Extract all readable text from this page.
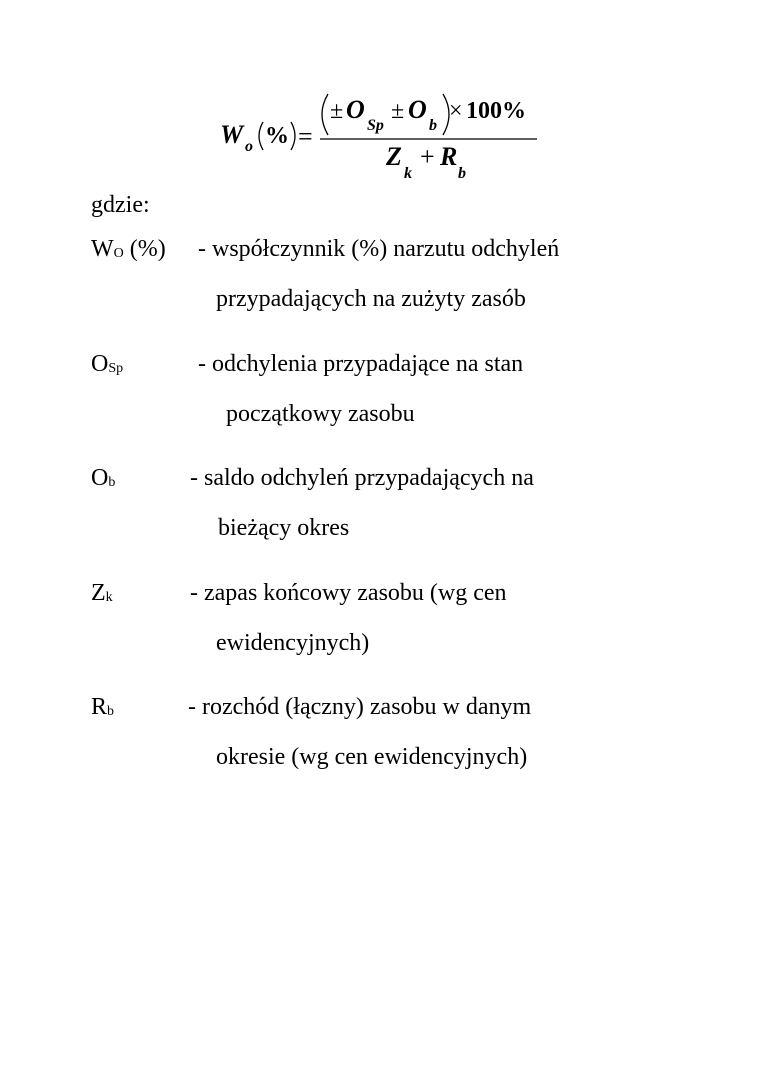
W o % =
± O
Sp
± O
b
× 100%
Z
k
+ R
b
gdzie:
$W_O$ (%) - współczynnik (%) narzutu odchyleń
przypadających na zużyty zasób
$O_{Sp}$	- odchylenia przypadające na stan
początkowy zasobu
$O_b$	- saldo odchyleń przypadających na
bieżący okres
$Z_k$	- zapas końcowy zasobu (wg cen
ewidencyjnych)
$R_b$	- rozchód (łączny) zasobu w danym
okresie (wg cen ewidencyjnych)
